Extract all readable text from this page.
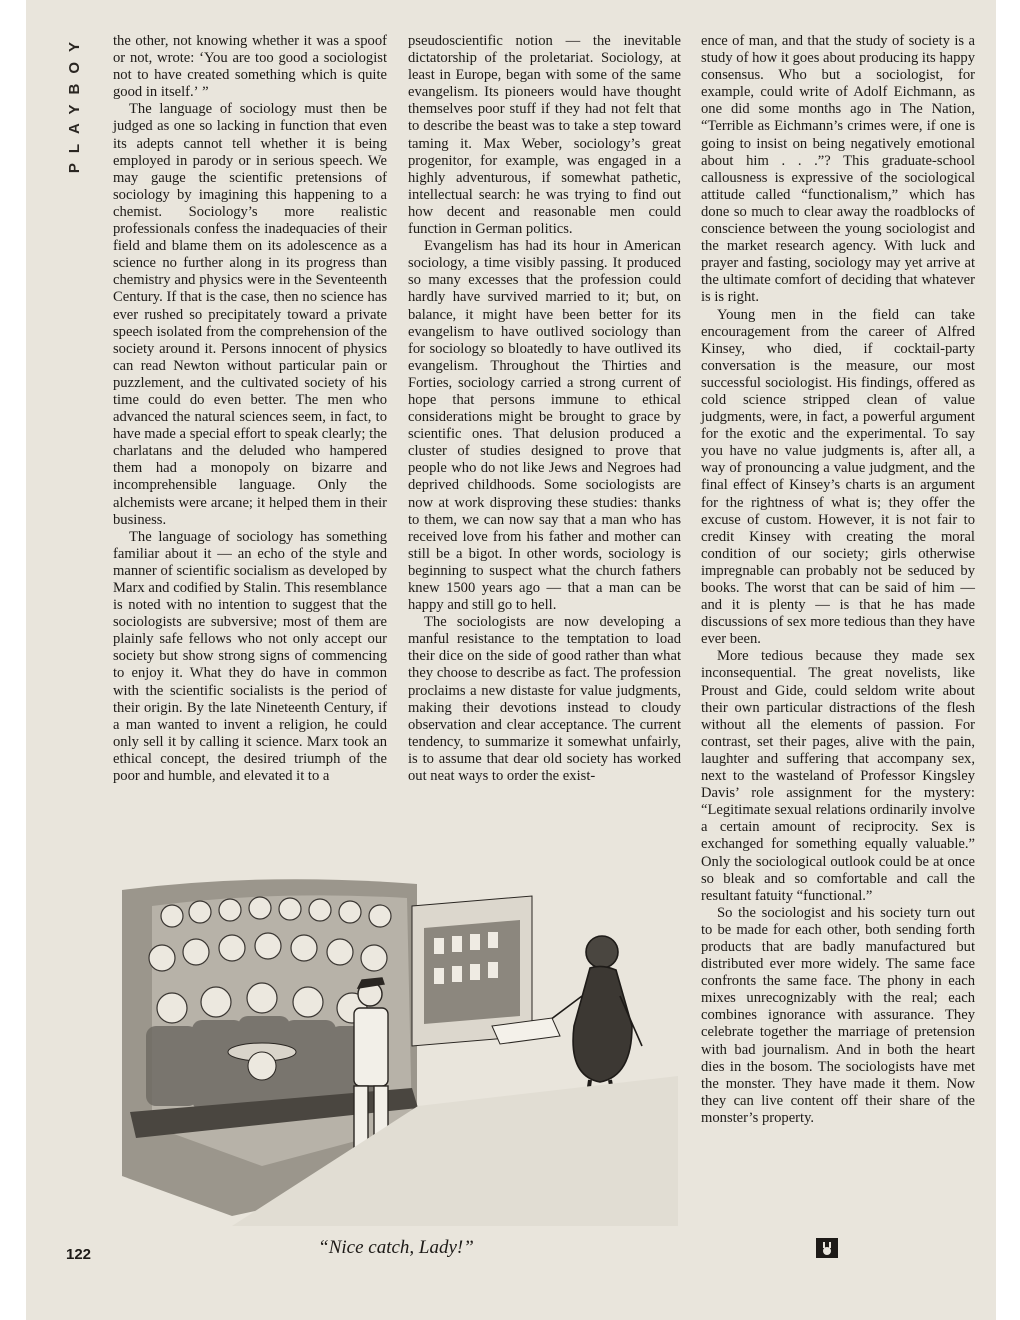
PLAYBOY the other, not knowing whether it was a spoof or not, wrote: ‘You are too good a sociologist not to have created something which is quite good in itself.’ ”

The language of sociology must then be judged as one so lacking in function that even its adepts cannot tell whether it is being employed in parody or in serious speech. We may gauge the scientific pretensions of sociology by imagining this happening to a chemist. Sociology’s more realistic professionals confess the inadequacies of their field and blame them on its adolescence as a science no further along in its progress than chemistry and physics were in the Seventeenth Century. If that is the case, then no science has ever rushed so precipitately toward a private speech isolated from the comprehension of the society around it. Persons innocent of physics can read Newton without particular pain or puzzlement, and the cultivated society of his time could do even better. The men who advanced the natural sciences seem, in fact, to have made a special effort to speak clearly; the charlatans and the deluded who hampered them had a monopoly on bizarre and incomprehensible language. Only the alchemists were arcane; it helped them in their business.

The language of sociology has something familiar about it — an echo of the style and manner of scientific socialism as developed by Marx and codified by Stalin. This resemblance is noted with no intention to suggest that the sociologists are subversive; most of them are plainly safe fellows who not only accept our society but show strong signs of commencing to enjoy it. What they do have in common with the scientific socialists is the period of their origin. By the late Nineteenth Century, if a man wanted to invent a religion, he could only sell it by calling it science. Marx took an ethical concept, the desired triumph of the poor and humble, and elevated it to a

pseudoscientific notion — the inevitable dictatorship of the proletariat. Sociology, at least in Europe, began with some of the same evangelism. Its pioneers would have thought themselves poor stuff if they had not felt that to describe the beast was to take a step toward taming it. Max Weber, sociology’s great progenitor, for example, was engaged in a highly adventurous, if somewhat pathetic, intellectual search: he was trying to find out how decent and reasonable men could function in German politics.

Evangelism has had its hour in American sociology, a time visibly passing. It produced so many excesses that the profession could hardly have survived married to it; but, on balance, it might have been better for its evangelism to have outlived sociology than for sociology so bloatedly to have outlived its evangelism. Throughout the Thirties and Forties, sociology carried a strong current of hope that persons immune to ethical considerations might be brought to grace by scientific ones. That delusion produced a cluster of studies designed to prove that people who do not like Jews and Negroes had deprived childhoods. Some sociologists are now at work disproving these studies: thanks to them, we can now say that a man who has received love from his father and mother can still be a bigot. In other words, sociology is beginning to suspect what the church fathers knew 1500 years ago — that a man can be happy and still go to hell.

The sociologists are now developing a manful resistance to the temptation to load their dice on the side of good rather than what they choose to describe as fact. The profession proclaims a new distaste for value judgments, making their devotions instead to cloudy observation and clear acceptance. The current tendency, to summarize it somewhat unfairly, is to assume that dear old society has worked out neat ways to order the exist-

ence of man, and that the study of society is a study of how it goes about producing its happy consensus. Who but a sociologist, for example, could write of Adolf Eichmann, as one did some months ago in The Nation, “Terrible as Eichmann’s crimes were, if one is going to insist on being negatively emotional about him . . .”? This graduate-school callousness is expressive of the sociological attitude called “functionalism,” which has done so much to clear away the roadblocks of conscience between the young sociologist and the market research agency. With luck and prayer and fasting, sociology may yet arrive at the ultimate comfort of deciding that whatever is is right.

Young men in the field can take encouragement from the career of Alfred Kinsey, who died, if cocktail-party conversation is the measure, our most successful sociologist. His findings, offered as cold science stripped clean of value judgments, were, in fact, a powerful argument for the exotic and the experimental. To say you have no value judgments is, after all, a way of pronouncing a value judgment, and the final effect of Kinsey’s charts is an argument for the rightness of what is; they offer the excuse of custom. However, it is not fair to credit Kinsey with creating the moral condition of our society; girls otherwise impregnable can probably not be seduced by books. The worst that can be said of him — and it is plenty — is that he has made discussions of sex more tedious than they have ever been.

More tedious because they made sex inconsequential. The great novelists, like Proust and Gide, could seldom write about their own particular distractions of the flesh without all the elements of passion. For contrast, set their pages, alive with the pain, laughter and suffering that accompany sex, next to the wasteland of Professor Kingsley Davis’ role assignment for the mystery: “Legitimate sexual relations ordinarily involve a certain amount of reciprocity. Sex is exchanged for something equally valuable.” Only the sociological outlook could be at once so bleak and so comfortable and call the resultant fatuity “functional.”

So the sociologist and his society turn out to be made for each other, both sending forth products that are badly manufactured but distributed ever more widely. The same face confronts the same face. The phony in each mixes unrecognizably with the real; each combines ignorance with assurance. They celebrate together the marriage of pretension with bad journalism. And in both the heart dies in the bosom. The sociologists have met the monster. They have made it them. Now they can live content off their share of the monster’s property.

“Nice catch, Lady!”
122
